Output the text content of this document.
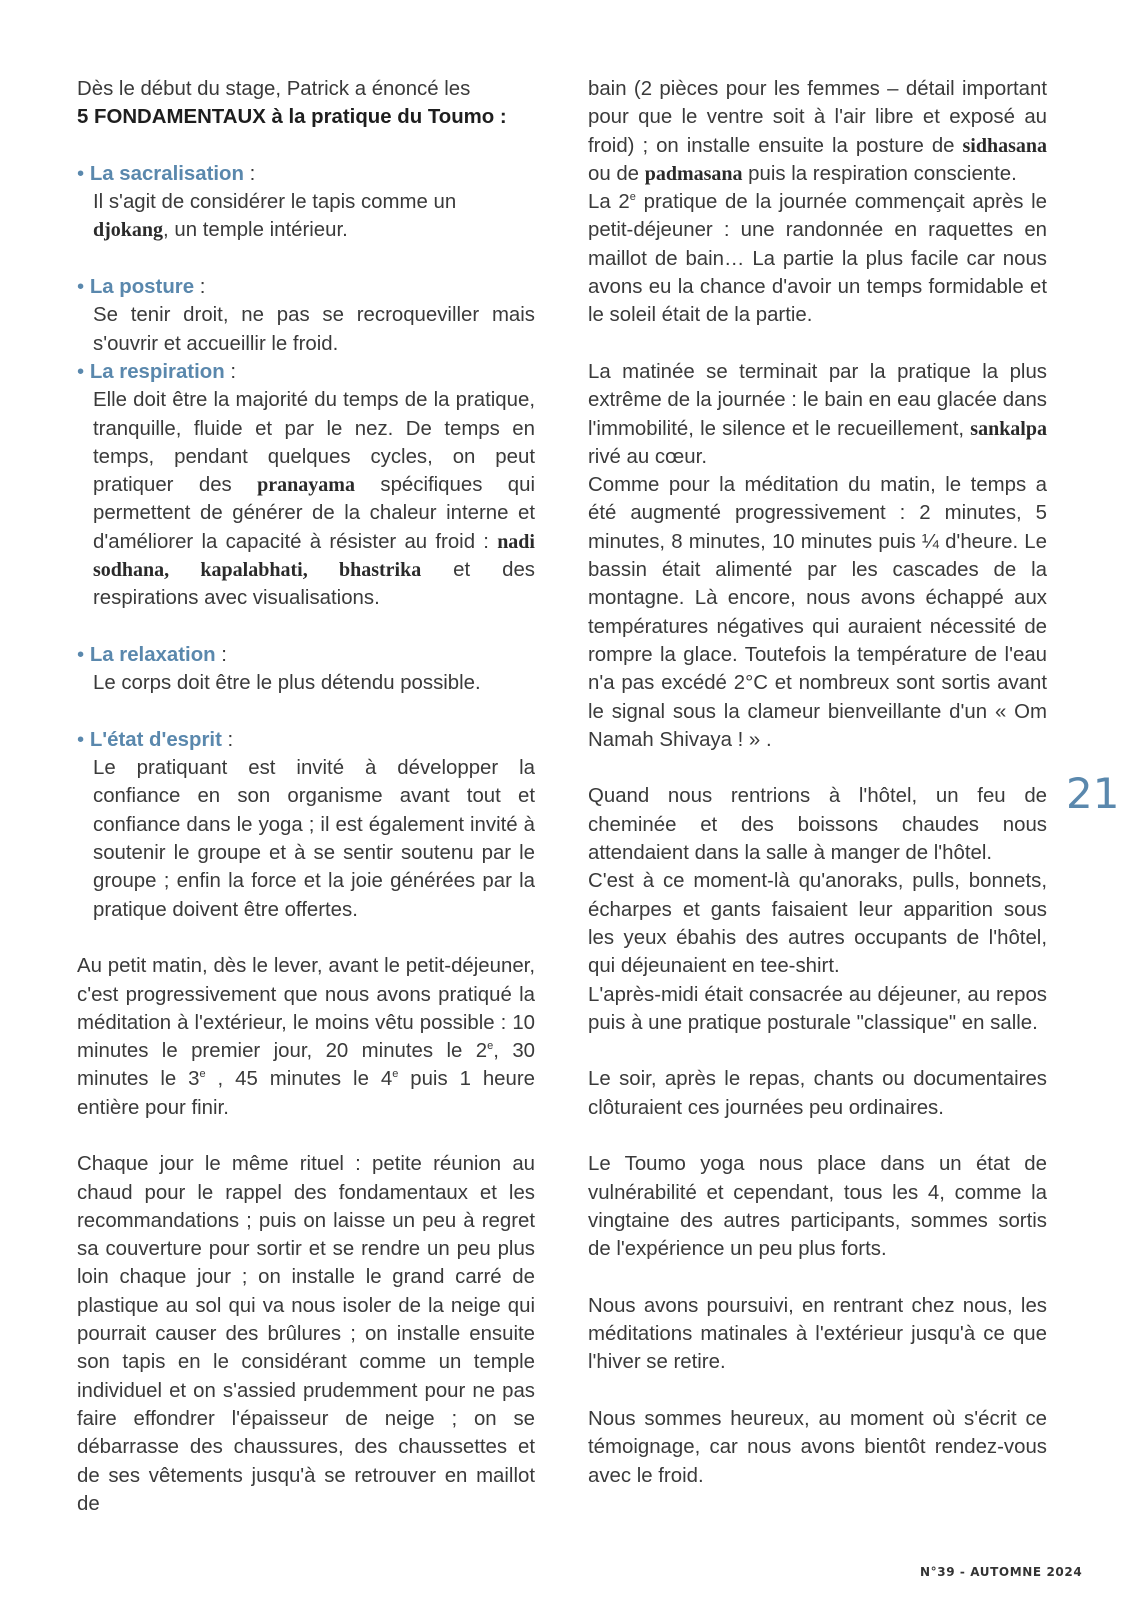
Dès le début du stage, Patrick a énoncé les

5 FONDAMENTAUX à la pratique du Toumo :

• La sacralisation :

Il s'agit de considérer le tapis comme un djokang, un temple intérieur.

• La posture :

Se tenir droit, ne pas se recroqueviller mais s'ouvrir et accueillir le froid.

• La respiration :

Elle doit être la majorité du temps de la pratique, tranquille, fluide et par le nez. De temps en temps, pendant quelques cycles, on peut pratiquer des pranayama spécifiques qui permettent de générer de la chaleur interne et d'améliorer la capacité à résister au froid : nadi sodhana, kapalabhati, bhastrika et des respirations avec visualisations.

• La relaxation :

Le corps doit être le plus détendu possible.

• L'état d'esprit :

Le pratiquant est invité à développer la confiance en son organisme avant tout et confiance dans le yoga ; il est également invité à soutenir le groupe et à se sentir soutenu par le groupe ; enfin la force et la joie générées par la pratique doivent être offertes.

Au petit matin, dès le lever, avant le petit-déjeuner, c'est progressivement que nous avons pratiqué la méditation à l'extérieur, le moins vêtu possible : 10 minutes le premier jour, 20 minutes le 2e, 30 minutes le 3e , 45 minutes le 4e puis 1 heure entière pour finir.

Chaque jour le même rituel : petite réunion au chaud pour le rappel des fondamentaux et les recommandations ; puis on laisse un peu à regret sa couverture pour sortir et se rendre un peu plus loin chaque jour ; on installe le grand carré de plastique au sol qui va nous isoler de la neige qui pourrait causer des brûlures ; on installe ensuite son tapis en le considérant comme un temple individuel et on s'assied prudemment pour ne pas faire effondrer l'épaisseur de neige ; on se débarrasse des chaussures, des chaussettes et de ses vêtements jusqu'à se retrouver en maillot de

bain (2 pièces pour les femmes – détail important pour que le ventre soit à l'air libre et exposé au froid) ; on installe ensuite la posture de sidhasana ou de padmasana puis la respiration consciente.

La 2e pratique de la journée commençait après le petit-déjeuner : une randonnée en raquettes en maillot de bain… La partie la plus facile car nous avons eu la chance d'avoir un temps formidable et le soleil était de la partie.

La matinée se terminait par la pratique la plus extrême de la journée : le bain en eau glacée dans l'immobilité, le silence et le recueillement, sankalpa rivé au cœur.

Comme pour la méditation du matin, le temps a été augmenté progressivement : 2 minutes, 5 minutes, 8 minutes, 10 minutes puis ¼ d'heure. Le bassin était alimenté par les cascades de la montagne. Là encore, nous avons échappé aux températures négatives qui auraient nécessité de rompre la glace. Toutefois la température de l'eau n'a pas excédé 2°C et nombreux sont sortis avant le signal sous la clameur bienveillante d'un « Om Namah Shivaya ! » .

Quand nous rentrions à l'hôtel, un feu de cheminée et des boissons chaudes nous attendaient dans la salle à manger de l'hôtel.

C'est à ce moment-là qu'anoraks, pulls, bonnets, écharpes et gants faisaient leur apparition sous les yeux ébahis des autres occupants de l'hôtel, qui déjeunaient en tee-shirt.

L'après-midi était consacrée au déjeuner, au repos puis à une pratique posturale "classique" en salle.

Le soir, après le repas, chants ou documentaires clôturaient ces journées peu ordinaires.

Le Toumo yoga nous place dans un état de vulnérabilité et cependant, tous les 4, comme la vingtaine des autres participants, sommes sortis de l'expérience un peu plus forts.

Nous avons poursuivi, en rentrant chez nous, les méditations matinales à l'extérieur jusqu'à ce que l'hiver se retire.

Nous sommes heureux, au moment où s'écrit ce témoignage, car nous avons bientôt rendez-vous avec le froid.

21
N°39 - AUTOMNE 2024
